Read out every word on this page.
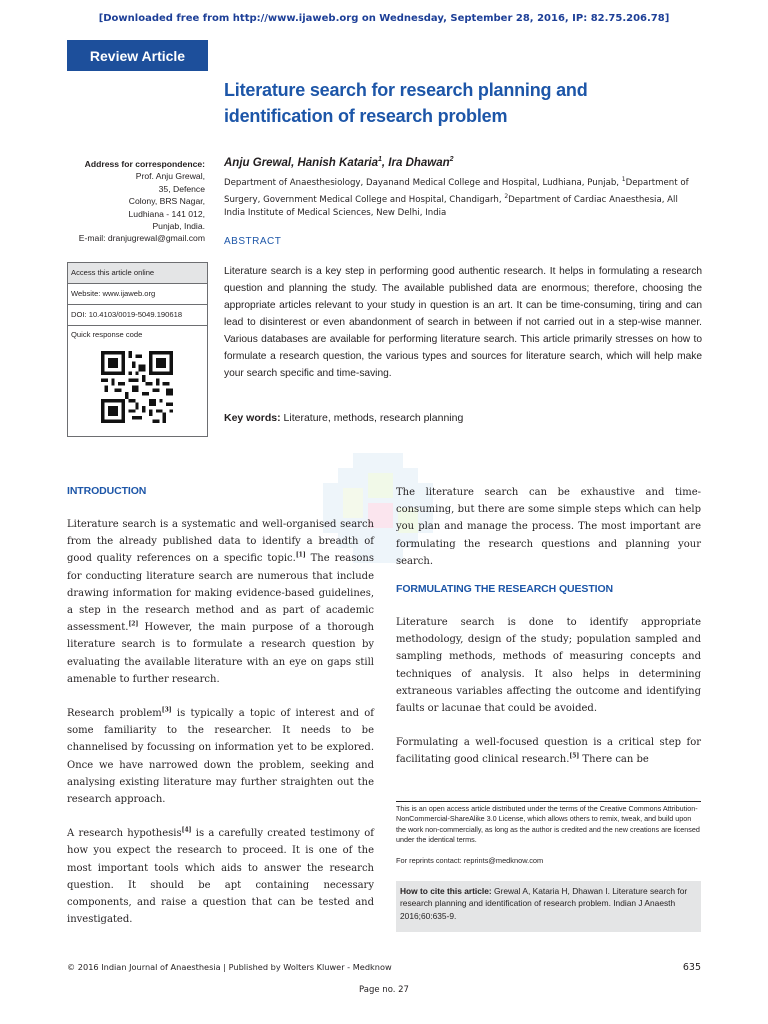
[Downloaded free from http://www.ijaweb.org on Wednesday, September 28, 2016, IP: 82.75.206.78]
Review Article
Literature search for research planning and identification of research problem
Anju Grewal, Hanish Kataria$^1$, Ira Dhawan$^2$
Department of Anaesthesiology, Dayanand Medical College and Hospital, Ludhiana, Punjab, $^1$Department of Surgery, Government Medical College and Hospital, Chandigarh, $^2$Department of Cardiac Anaesthesia, All India Institute of Medical Sciences, New Delhi, India
Address for correspondence:
Prof. Anju Grewal,
35, Defence
Colony, BRS Nagar,
Ludhiana - 141 012,
Punjab, India.
E-mail: dranjugrewal@gmail.com
Access this article online
Website: www.ijaweb.org
DOI: 10.4103/0019-5049.190618
Quick response code
ABSTRACT
Literature search is a key step in performing good authentic research. It helps in formulating a research question and planning the study. The available published data are enormous; therefore, choosing the appropriate articles relevant to your study in question is an art. It can be time-consuming, tiring and can lead to disinterest or even abandonment of search in between if not carried out in a step-wise manner. Various databases are available for performing literature search. This article primarily stresses on how to formulate a research question, the various types and sources for literature search, which will help make your search specific and time-saving.
Key words: Literature, methods, research planning
INTRODUCTION

Literature search is a systematic and well-organised search from the already published data to identify a breadth of good quality references on a specific topic.[1] The reasons for conducting literature search are numerous that include drawing information for making evidence-based guidelines, a step in the research method and as part of academic assessment.[2] However, the main purpose of a thorough literature search is to formulate a research question by evaluating the available literature with an eye on gaps still amenable to further research.

Research problem[3] is typically a topic of interest and of some familiarity to the researcher. It needs to be channelised by focussing on information yet to be explored. Once we have narrowed down the problem, seeking and analysing existing literature may further straighten out the research approach.

A research hypothesis[4] is a carefully created testimony of how you expect the research to proceed. It is one of the most important tools which aids to answer the research question. It should be apt containing necessary components, and raise a question that can be tested and investigated.

The literature search can be exhaustive and time-consuming, but there are some simple steps which can help you plan and manage the process. The most important are formulating the research questions and planning your search.

FORMULATING THE RESEARCH QUESTION

Literature search is done to identify appropriate methodology, design of the study; population sampled and sampling methods, methods of measuring concepts and techniques of analysis. It also helps in determining extraneous variables affecting the outcome and identifying faults or lacunae that could be avoided.

Formulating a well-focused question is a critical step for facilitating good clinical research.[5] There can be

This is an open access article distributed under the terms of the Creative Commons Attribution-NonCommercial-ShareAlike 3.0 License, which allows others to remix, tweak, and build upon the work non-commercially, as long as the author is credited and the new creations are licensed under the identical terms.
For reprints contact: reprints@medknow.com
How to cite this article: Grewal A, Kataria H, Dhawan I. Literature search for research planning and identification of research problem. Indian J Anaesth 2016;60:635-9.
© 2016 Indian Journal of Anaesthesia | Published by Wolters Kluwer - Medknow	635
Page no. 27
